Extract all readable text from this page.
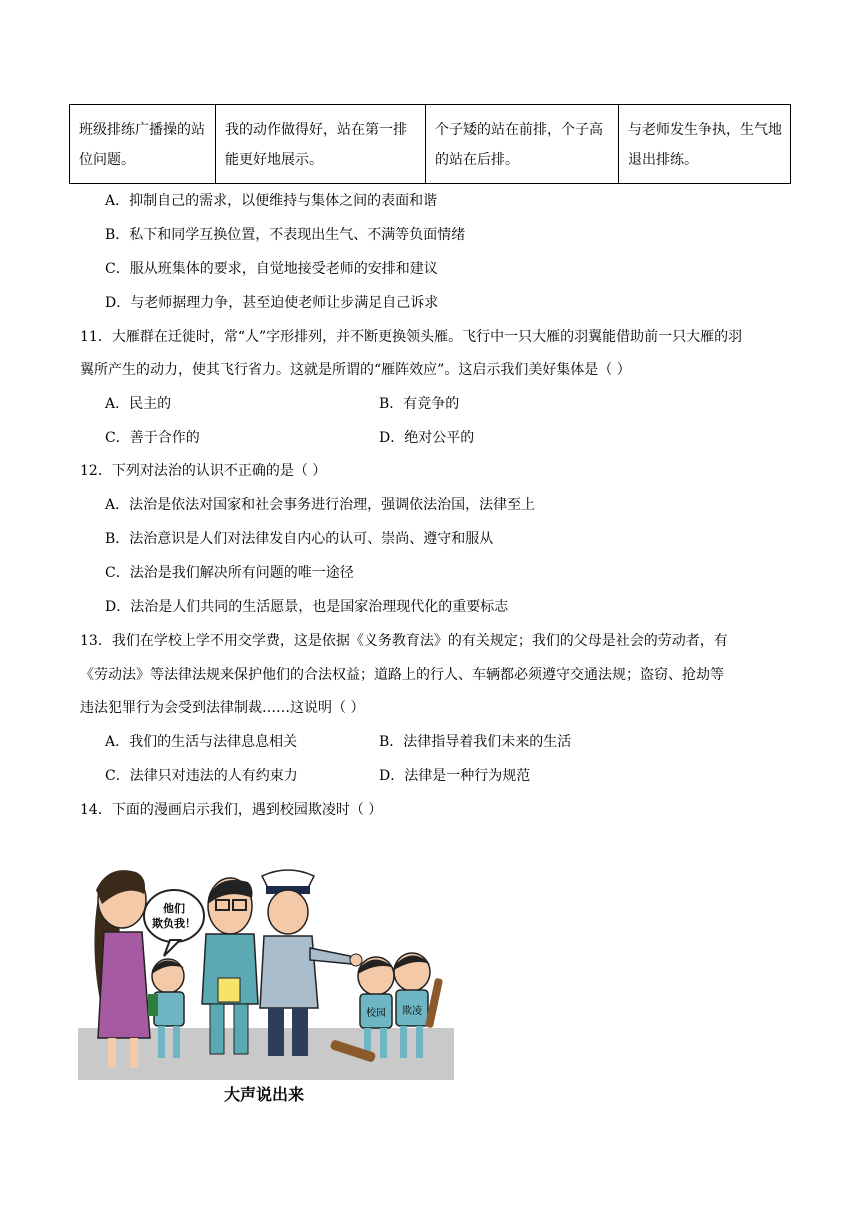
班级排练广播操的站位问题。	我的动作做得好，站在第一排能更好地展示。	个子矮的站在前排，个子高的站在后排。	与老师发生争执，生气地退出排练。
A．抑制自己的需求，以便维持与集体之间的表面和谐
B．私下和同学互换位置，不表现出生气、不满等负面情绪
C．服从班集体的要求，自觉地接受老师的安排和建议
D．与老师据理力争，甚至迫使老师让步满足自己诉求
11．大雁群在迁徙时，常“人”字形排列，并不断更换领头雁。飞行中一只大雁的羽翼能借助前一只大雁的羽
翼所产生的动力，使其飞行省力。这就是所谓的“雁阵效应”。这启示我们美好集体是（ ）
A．民主的	B．有竞争的
C．善于合作的	D．绝对公平的
12．下列对法治的认识不正确的是（ ）
A．法治是依法对国家和社会事务进行治理，强调依法治国，法律至上
B．法治意识是人们对法律发自内心的认可、崇尚、遵守和服从
C．法治是我们解决所有问题的唯一途径
D．法治是人们共同的生活愿景，也是国家治理现代化的重要标志
13．我们在学校上学不用交学费，这是依据《义务教育法》的有关规定；我们的父母是社会的劳动者，有
《劳动法》等法律法规来保护他们的合法权益；道路上的行人、车辆都必须遵守交通法规；盗窃、抢劫等
违法犯罪行为会受到法律制裁……这说明（ ）
A．我们的生活与法律息息相关	B．法律指导着我们未来的生活
C．法律只对违法的人有约束力	D．法律是一种行为规范
14．下面的漫画启示我们，遇到校园欺凌时（ ）
他们
欺负我！
校园 欺凌
大声说出来
